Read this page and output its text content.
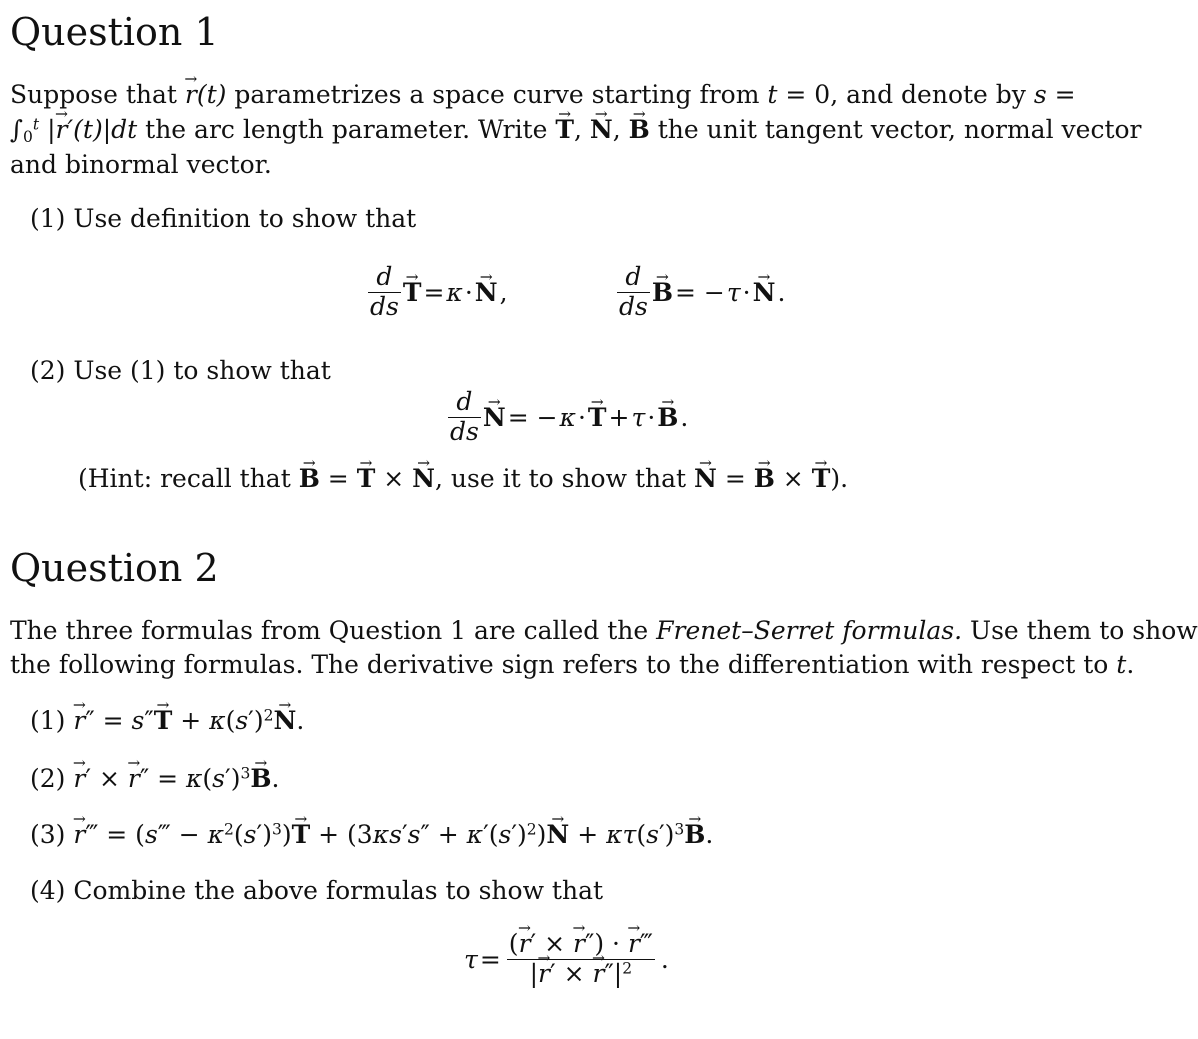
Question 1
Suppose that r →(t) parametrizes a space curve starting from t = 0, and denote by s =
$\int_0^t$ |r →′(t)|dt the arc length parameter. Write T →, N →, B → the unit tangent vector, normal vector
and binormal vector.
(1) Use definition to show that
$\frac{d}{ds}$ T → = κ · N → ,	$\frac{d}{ds}$ B → = − τ · N → .
(2) Use (1) to show that
$\frac{d}{ds}$ N → = − κ · T → + τ · B → .
(Hint: recall that B → = T → × N →, use it to show that N → = B → × T →).
Question 2
The three formulas from Question 1 are called the Frenet–Serret formulas. Use them to show
the following formulas. The derivative sign refers to the differentiation with respect to t.
(1) r →″ = s″T → + $\kappa(s')^2N$ →.
(2) r →′ × r →″ = $\kappa(s')^3B$ →.
(3) r →‴ = (s‴ − $\kappa^2(s')^3)T$ → + $(3\kappa s's'' + \kappa'(s')^2)N$ → + $\kappa\tau(s')^3B$ →.
(4) Combine the above formulas to show that
$\tau = \frac{(r \to' \times r \to'') \cdot r \to‴}{|r \to' \times r \to''|^2}$ .
